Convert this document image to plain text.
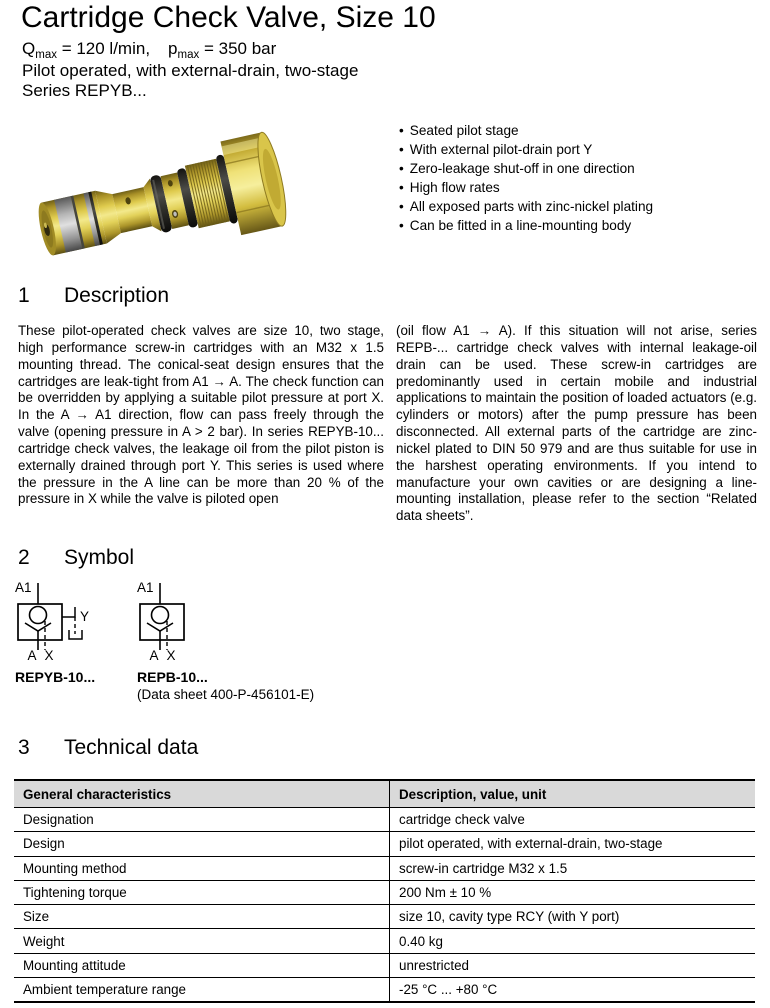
Cartridge Check Valve, Size 10
$Q_{max} = 120$ l/min, $p_{max} = 350$ bar
Pilot operated, with external-drain, two-stage
Series REPYB...
• Seated pilot stage
• With external pilot-drain port Y
• Zero-leakage shut-off in one direction
• High flow rates
• All exposed parts with zinc-nickel plating
• Can be fitted in a line-mounting body
1 Description
These pilot-operated check valves are size 10, two stage, high performance screw-in cartridges with an M32 x 1.5 mounting thread. The conical-seat design ensures that the cartridges are leak-tight from A1 → A. The check function can be overridden by applying a suitable pilot pressure at port X. In the A → A1 direction, flow can pass freely through the valve (opening pressure in A > 2 bar). In series REPYB-10... cartridge check valves, the leakage oil from the pilot piston is externally drained through port Y. This series is used where the pressure in the A line can be more than 20 % of the pressure in X while the valve is piloted open
(oil flow A1 → A). If this situation will not arise, series REPB-... cartridge check valves with internal leakage-oil drain can be used. These screw-in cartridges are predominantly used in certain mobile and industrial applications to maintain the position of loaded actuators (e.g. cylinders or motors) after the pump pressure has been disconnected. All external parts of the cartridge are zinc-nickel plated to DIN 50 979 and are thus suitable for use in the harshest operating environments. If you intend to manufacture your own cavities or are designing a line-mounting installation, please refer to the section “Related data sheets”.
2 Symbol
A1
A X
Y
A1
A X
REPYB-10...	REPB-10...
(Data sheet 400-P-456101-E)
3 Technical data
General characteristics	Description, value, unit
Designation	cartridge check valve
Design	pilot operated, with external-drain, two-stage
Mounting method	screw-in cartridge M32 x 1.5
Tightening torque	200 Nm ± 10 %
Size	size 10, cavity type RCY (with Y port)
Weight	0.40 kg
Mounting attitude	unrestricted
Ambient temperature range	-25 °C ... +80 °C
